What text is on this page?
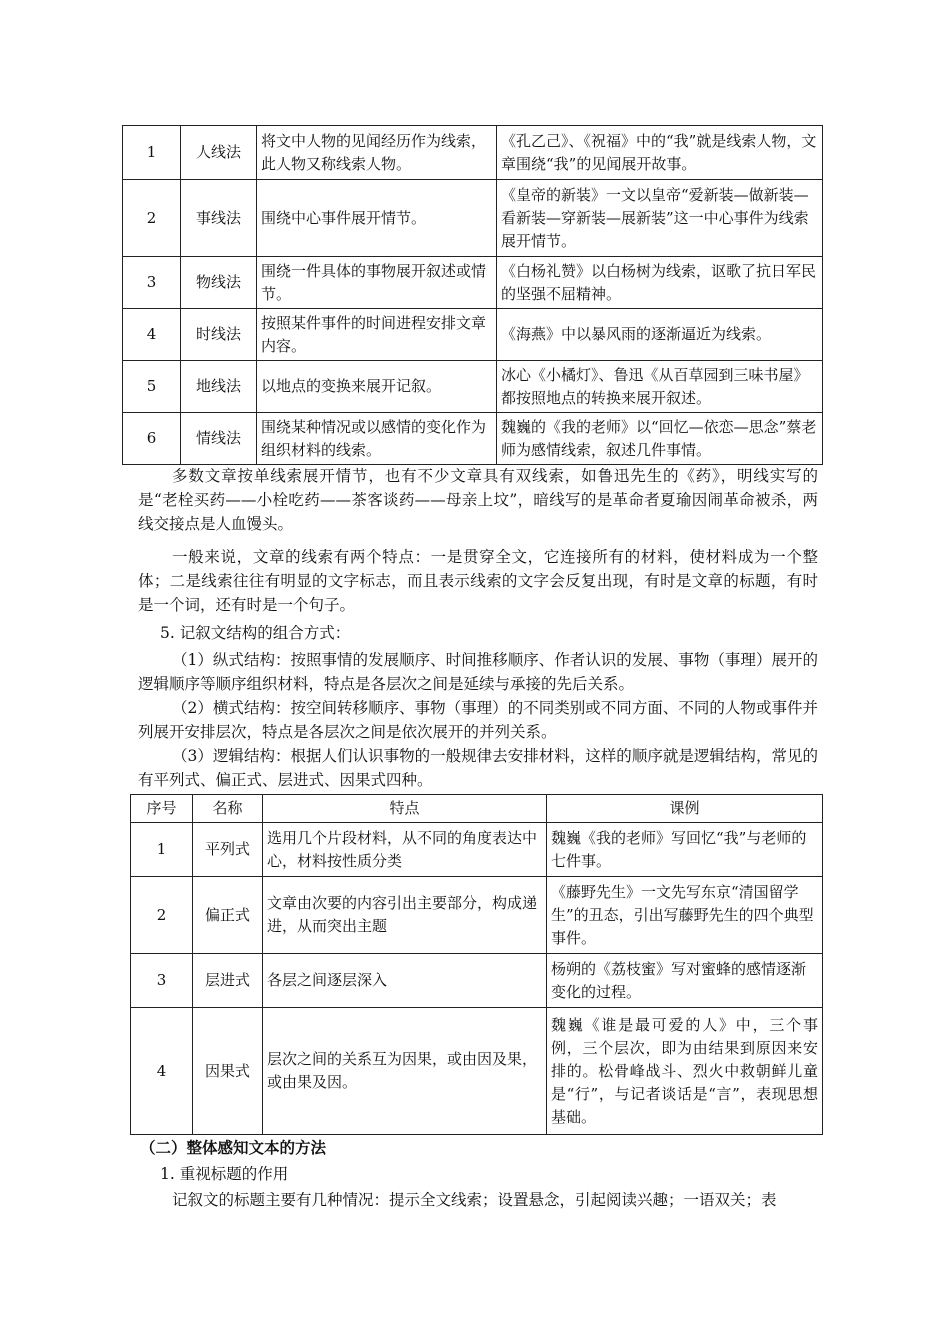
1	人线法	将文中人物的见闻经历作为线索，此人物又称线索人物。	《孔乙己》、《祝福》中的“我”就是线索人物，文章围绕“我”的见闻展开故事。
2	事线法	围绕中心事件展开情节。	《皇帝的新装》一文以皇帝“爱新装—做新装—看新装—穿新装—展新装”这一中心事件为线索展开情节。
3	物线法	围绕一件具体的事物展开叙述或情节。	《白杨礼赞》以白杨树为线索，讴歌了抗日军民的坚强不屈精神。
4	时线法	按照某件事件的时间进程安排文章内容。	《海燕》中以暴风雨的逐渐逼近为线索。
5	地线法	以地点的变换来展开记叙。	冰心《小橘灯》、鲁迅《从百草园到三味书屋》都按照地点的转换来展开叙述。
6	情线法	围绕某种情况或以感情的变化作为组织材料的线索。	魏巍的《我的老师》以“回忆—依恋—思念”蔡老师为感情线索，叙述几件事情。

多数文章按单线索展开情节，也有不少文章具有双线索，如鲁迅先生的《药》，明线实写的是“老栓买药——小栓吃药——茶客谈药——母亲上坟”，暗线写的是革命者夏瑜因闹革命被杀，两线交接点是人血馒头。

一般来说，文章的线索有两个特点：一是贯穿全文，它连接所有的材料，使材料成为一个整体；二是线索往往有明显的文字标志，而且表示线索的文字会反复出现，有时是文章的标题，有时是一个词，还有时是一个句子。

5. 记叙文结构的组合方式：

（1）纵式结构：按照事情的发展顺序、时间推移顺序、作者认识的发展、事物（事理）展开的逻辑顺序等顺序组织材料，特点是各层次之间是延续与承接的先后关系。

（2）横式结构：按空间转移顺序、事物（事理）的不同类别或不同方面、不同的人物或事件并列展开安排层次，特点是各层次之间是依次展开的并列关系。

（3）逻辑结构：根据人们认识事物的一般规律去安排材料，这样的顺序就是逻辑结构，常见的有平列式、偏正式、层进式、因果式四种。

序号	名称	特点	课例
1	平列式	选用几个片段材料，从不同的角度表达中心，材料按性质分类	魏巍《我的老师》写回忆“我”与老师的七件事。
2	偏正式	文章由次要的内容引出主要部分，构成递进，从而突出主题	《藤野先生》一文先写东京“清国留学生”的丑态，引出写藤野先生的四个典型事件。
3	层进式	各层之间逐层深入	杨朔的《荔枝蜜》写对蜜蜂的感情逐渐变化的过程。
4	因果式	层次之间的关系互为因果，或由因及果，或由果及因。	魏巍《谁是最可爱的人》中，三个事例，三个层次，即为由结果到原因来安排的。松骨峰战斗、烈火中救朝鲜儿童是“行”，与记者谈话是“言”，表现思想基础。

（二）整体感知文本的方法

1. 重视标题的作用

记叙文的标题主要有几种情况：提示全文线索；设置悬念，引起阅读兴趣；一语双关；表
